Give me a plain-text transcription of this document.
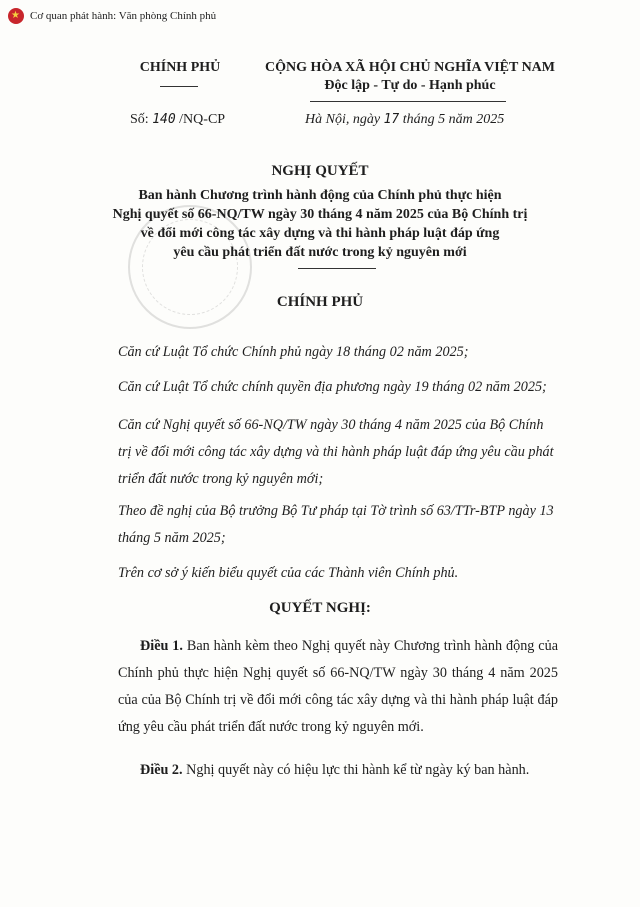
★
Cơ quan phát hành: Văn phòng Chính phủ
CHÍNH PHỦ	CỘNG HÒA XÃ HỘI CHỦ NGHĨA VIỆT NAM
Độc lập - Tự do - Hạnh phúc
Số: 140 /NQ-CP	Hà Nội, ngày 17 tháng 5 năm 2025
NGHỊ QUYẾT
Ban hành Chương trình hành động của Chính phủ thực hiện
Nghị quyết số 66-NQ/TW ngày 30 tháng 4 năm 2025 của Bộ Chính trị
về đổi mới công tác xây dựng và thi hành pháp luật đáp ứng
yêu cầu phát triển đất nước trong kỷ nguyên mới
CHÍNH PHỦ
Căn cứ Luật Tổ chức Chính phủ ngày 18 tháng 02 năm 2025;
Căn cứ Luật Tổ chức chính quyền địa phương ngày 19 tháng 02 năm 2025;
Căn cứ Nghị quyết số 66-NQ/TW ngày 30 tháng 4 năm 2025 của Bộ Chính trị về đổi mới công tác xây dựng và thi hành pháp luật đáp ứng yêu cầu phát triển đất nước trong kỷ nguyên mới;
Theo đề nghị của Bộ trưởng Bộ Tư pháp tại Tờ trình số 63/TTr-BTP ngày 13 tháng 5 năm 2025;
Trên cơ sở ý kiến biểu quyết của các Thành viên Chính phủ.
QUYẾT NGHỊ:
Điều 1. Ban hành kèm theo Nghị quyết này Chương trình hành động của Chính phủ thực hiện Nghị quyết số 66-NQ/TW ngày 30 tháng 4 năm 2025 của của Bộ Chính trị về đổi mới công tác xây dựng và thi hành pháp luật đáp ứng yêu cầu phát triển đất nước trong kỷ nguyên mới.
Điều 2. Nghị quyết này có hiệu lực thi hành kể từ ngày ký ban hành.
